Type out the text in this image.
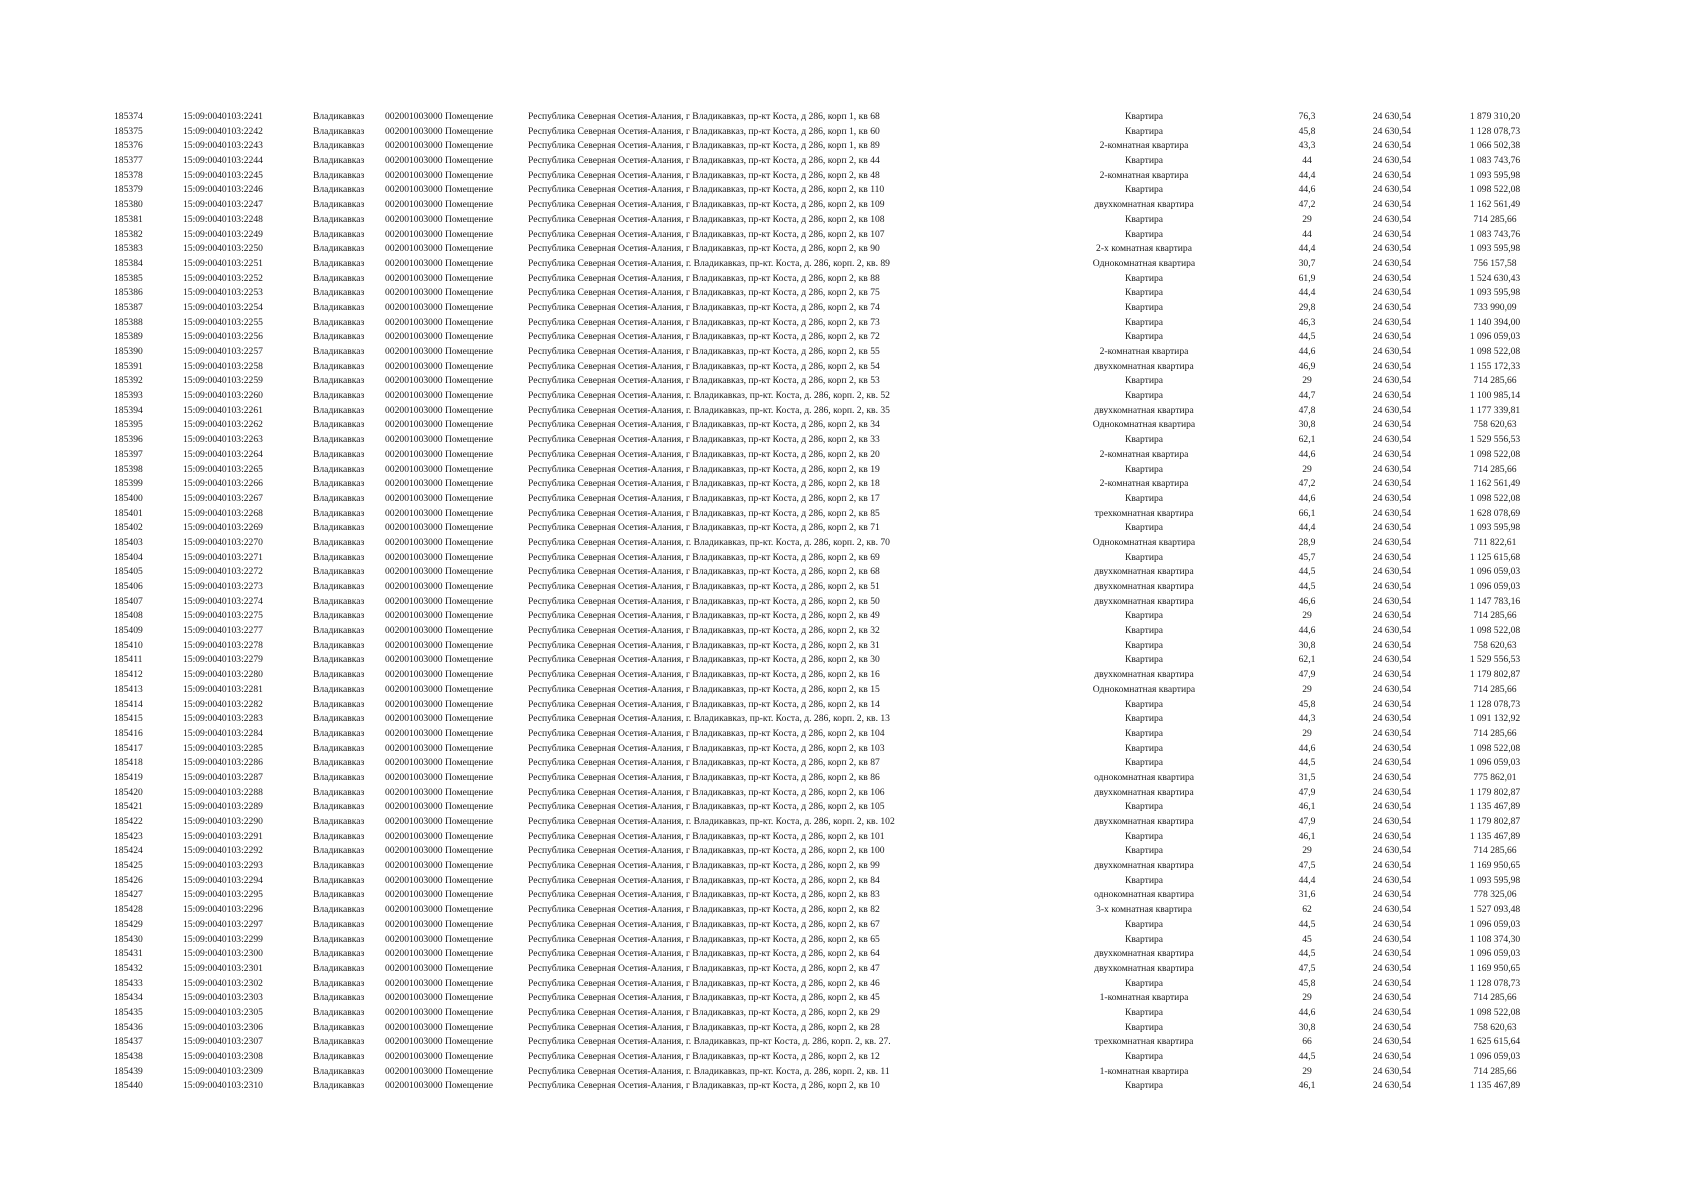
185374	15:09:0040103:2241	Владикавказ 002001003000 Помещение	Республика Северная Осетия-Алания, г Владикавказ, пр-кт Коста, д 286, корп 1, кв 68	Квартира	76,3	24 630,54	1 879 310,20
185375	15:09:0040103:2242	Владикавказ 002001003000 Помещение	Республика Северная Осетия-Алания, г Владикавказ, пр-кт Коста, д 286, корп 1, кв 60	Квартира	45,8	24 630,54	1 128 078,73
185376	15:09:0040103:2243	Владикавказ 002001003000 Помещение	Республика Северная Осетия-Алания, г Владикавказ, пр-кт Коста, д 286, корп 1, кв 89	2-комнатная квартира	43,3	24 630,54	1 066 502,38
185377	15:09:0040103:2244	Владикавказ 002001003000 Помещение	Республика Северная Осетия-Алания, г Владикавказ, пр-кт Коста, д 286, корп 2, кв 44	Квартира	44	24 630,54	1 083 743,76
185378	15:09:0040103:2245	Владикавказ 002001003000 Помещение	Республика Северная Осетия-Алания, г Владикавказ, пр-кт Коста, д 286, корп 2, кв 48	2-комнатная квартира	44,4	24 630,54	1 093 595,98
185379	15:09:0040103:2246	Владикавказ 002001003000 Помещение	Республика Северная Осетия-Алания, г Владикавказ, пр-кт Коста, д 286, корп 2, кв 110	Квартира	44,6	24 630,54	1 098 522,08
185380	15:09:0040103:2247	Владикавказ 002001003000 Помещение	Республика Северная Осетия-Алания, г Владикавказ, пр-кт Коста, д 286, корп 2, кв 109	двухкомнатная квартира	47,2	24 630,54	1 162 561,49
185381	15:09:0040103:2248	Владикавказ 002001003000 Помещение	Республика Северная Осетия-Алания, г Владикавказ, пр-кт Коста, д 286, корп 2, кв 108	Квартира	29	24 630,54	714 285,66
185382	15:09:0040103:2249	Владикавказ 002001003000 Помещение	Республика Северная Осетия-Алания, г Владикавказ, пр-кт Коста, д 286, корп 2, кв 107	Квартира	44	24 630,54	1 083 743,76
185383	15:09:0040103:2250	Владикавказ 002001003000 Помещение	Республика Северная Осетия-Алания, г Владикавказ, пр-кт Коста, д 286, корп 2, кв 90	2-х комнатная квартира	44,4	24 630,54	1 093 595,98
185384	15:09:0040103:2251	Владикавказ 002001003000 Помещение	Республика Северная Осетия-Алания, г. Владикавказ, пр-кт. Коста, д. 286, корп. 2, кв. 89	Однокомнатная квартира	30,7	24 630,54	756 157,58
185385	15:09:0040103:2252	Владикавказ 002001003000 Помещение	Республика Северная Осетия-Алания, г Владикавказ, пр-кт Коста, д 286, корп 2, кв 88	Квартира	61,9	24 630,54	1 524 630,43
185386	15:09:0040103:2253	Владикавказ 002001003000 Помещение	Республика Северная Осетия-Алания, г Владикавказ, пр-кт Коста, д 286, корп 2, кв 75	Квартира	44,4	24 630,54	1 093 595,98
185387	15:09:0040103:2254	Владикавказ 002001003000 Помещение	Республика Северная Осетия-Алания, г Владикавказ, пр-кт Коста, д 286, корп 2, кв 74	Квартира	29,8	24 630,54	733 990,09
185388	15:09:0040103:2255	Владикавказ 002001003000 Помещение	Республика Северная Осетия-Алания, г Владикавказ, пр-кт Коста, д 286, корп 2, кв 73	Квартира	46,3	24 630,54	1 140 394,00
185389	15:09:0040103:2256	Владикавказ 002001003000 Помещение	Республика Северная Осетия-Алания, г Владикавказ, пр-кт Коста, д 286, корп 2, кв 72	Квартира	44,5	24 630,54	1 096 059,03
185390	15:09:0040103:2257	Владикавказ 002001003000 Помещение	Республика Северная Осетия-Алания, г Владикавказ, пр-кт Коста, д 286, корп 2, кв 55	2-комнатная квартира	44,6	24 630,54	1 098 522,08
185391	15:09:0040103:2258	Владикавказ 002001003000 Помещение	Республика Северная Осетия-Алания, г Владикавказ, пр-кт Коста, д 286, корп 2, кв 54	двухкомнатная квартира	46,9	24 630,54	1 155 172,33
185392	15:09:0040103:2259	Владикавказ 002001003000 Помещение	Республика Северная Осетия-Алания, г Владикавказ, пр-кт Коста, д 286, корп 2, кв 53	Квартира	29	24 630,54	714 285,66
185393	15:09:0040103:2260	Владикавказ 002001003000 Помещение	Республика Северная Осетия-Алания, г. Владикавказ, пр-кт. Коста, д. 286, корп. 2, кв. 52	Квартира	44,7	24 630,54	1 100 985,14
185394	15:09:0040103:2261	Владикавказ 002001003000 Помещение	Республика Северная Осетия-Алания, г. Владикавказ, пр-кт. Коста, д. 286, корп. 2, кв. 35	двухкомнатная квартира	47,8	24 630,54	1 177 339,81
185395	15:09:0040103:2262	Владикавказ 002001003000 Помещение	Республика Северная Осетия-Алания, г Владикавказ, пр-кт Коста, д 286, корп 2, кв 34	Однокомнатная квартира	30,8	24 630,54	758 620,63
185396	15:09:0040103:2263	Владикавказ 002001003000 Помещение	Республика Северная Осетия-Алания, г Владикавказ, пр-кт Коста, д 286, корп 2, кв 33	Квартира	62,1	24 630,54	1 529 556,53
185397	15:09:0040103:2264	Владикавказ 002001003000 Помещение	Республика Северная Осетия-Алания, г Владикавказ, пр-кт Коста, д 286, корп 2, кв 20	2-комнатная квартира	44,6	24 630,54	1 098 522,08
185398	15:09:0040103:2265	Владикавказ 002001003000 Помещение	Республика Северная Осетия-Алания, г Владикавказ, пр-кт Коста, д 286, корп 2, кв 19	Квартира	29	24 630,54	714 285,66
185399	15:09:0040103:2266	Владикавказ 002001003000 Помещение	Республика Северная Осетия-Алания, г Владикавказ, пр-кт Коста, д 286, корп 2, кв 18	2-комнатная квартира	47,2	24 630,54	1 162 561,49
185400	15:09:0040103:2267	Владикавказ 002001003000 Помещение	Республика Северная Осетия-Алания, г Владикавказ, пр-кт Коста, д 286, корп 2, кв 17	Квартира	44,6	24 630,54	1 098 522,08
185401	15:09:0040103:2268	Владикавказ 002001003000 Помещение	Республика Северная Осетия-Алания, г Владикавказ, пр-кт Коста, д 286, корп 2, кв 85	трехкомнатная квартира	66,1	24 630,54	1 628 078,69
185402	15:09:0040103:2269	Владикавказ 002001003000 Помещение	Республика Северная Осетия-Алания, г Владикавказ, пр-кт Коста, д 286, корп 2, кв 71	Квартира	44,4	24 630,54	1 093 595,98
185403	15:09:0040103:2270	Владикавказ 002001003000 Помещение	Республика Северная Осетия-Алания, г. Владикавказ, пр-кт. Коста, д. 286, корп. 2, кв. 70	Однокомнатная квартира	28,9	24 630,54	711 822,61
185404	15:09:0040103:2271	Владикавказ 002001003000 Помещение	Республика Северная Осетия-Алания, г Владикавказ, пр-кт Коста, д 286, корп 2, кв 69	Квартира	45,7	24 630,54	1 125 615,68
185405	15:09:0040103:2272	Владикавказ 002001003000 Помещение	Республика Северная Осетия-Алания, г Владикавказ, пр-кт Коста, д 286, корп 2, кв 68	двухкомнатная квартира	44,5	24 630,54	1 096 059,03
185406	15:09:0040103:2273	Владикавказ 002001003000 Помещение	Республика Северная Осетия-Алания, г Владикавказ, пр-кт Коста, д 286, корп 2, кв 51	двухкомнатная квартира	44,5	24 630,54	1 096 059,03
185407	15:09:0040103:2274	Владикавказ 002001003000 Помещение	Республика Северная Осетия-Алания, г Владикавказ, пр-кт Коста, д 286, корп 2, кв 50	двухкомнатная квартира	46,6	24 630,54	1 147 783,16
185408	15:09:0040103:2275	Владикавказ 002001003000 Помещение	Республика Северная Осетия-Алания, г Владикавказ, пр-кт Коста, д 286, корп 2, кв 49	Квартира	29	24 630,54	714 285,66
185409	15:09:0040103:2277	Владикавказ 002001003000 Помещение	Республика Северная Осетия-Алания, г Владикавказ, пр-кт Коста, д 286, корп 2, кв 32	Квартира	44,6	24 630,54	1 098 522,08
185410	15:09:0040103:2278	Владикавказ 002001003000 Помещение	Республика Северная Осетия-Алания, г Владикавказ, пр-кт Коста, д 286, корп 2, кв 31	Квартира	30,8	24 630,54	758 620,63
185411	15:09:0040103:2279	Владикавказ 002001003000 Помещение	Республика Северная Осетия-Алания, г Владикавказ, пр-кт Коста, д 286, корп 2, кв 30	Квартира	62,1	24 630,54	1 529 556,53
185412	15:09:0040103:2280	Владикавказ 002001003000 Помещение	Республика Северная Осетия-Алания, г Владикавказ, пр-кт Коста, д 286, корп 2, кв 16	двухкомнатная квартира	47,9	24 630,54	1 179 802,87
185413	15:09:0040103:2281	Владикавказ 002001003000 Помещение	Республика Северная Осетия-Алания, г Владикавказ, пр-кт Коста, д 286, корп 2, кв 15	Однокомнатная квартира	29	24 630,54	714 285,66
185414	15:09:0040103:2282	Владикавказ 002001003000 Помещение	Республика Северная Осетия-Алания, г Владикавказ, пр-кт Коста, д 286, корп 2, кв 14	Квартира	45,8	24 630,54	1 128 078,73
185415	15:09:0040103:2283	Владикавказ 002001003000 Помещение	Республика Северная Осетия-Алания, г. Владикавказ, пр-кт. Коста, д. 286, корп. 2, кв. 13	Квартира	44,3	24 630,54	1 091 132,92
185416	15:09:0040103:2284	Владикавказ 002001003000 Помещение	Республика Северная Осетия-Алания, г Владикавказ, пр-кт Коста, д 286, корп 2, кв 104	Квартира	29	24 630,54	714 285,66
185417	15:09:0040103:2285	Владикавказ 002001003000 Помещение	Республика Северная Осетия-Алания, г Владикавказ, пр-кт Коста, д 286, корп 2, кв 103	Квартира	44,6	24 630,54	1 098 522,08
185418	15:09:0040103:2286	Владикавказ 002001003000 Помещение	Республика Северная Осетия-Алания, г Владикавказ, пр-кт Коста, д 286, корп 2, кв 87	Квартира	44,5	24 630,54	1 096 059,03
185419	15:09:0040103:2287	Владикавказ 002001003000 Помещение	Республика Северная Осетия-Алания, г Владикавказ, пр-кт Коста, д 286, корп 2, кв 86	однокомнатная квартира	31,5	24 630,54	775 862,01
185420	15:09:0040103:2288	Владикавказ 002001003000 Помещение	Республика Северная Осетия-Алания, г Владикавказ, пр-кт Коста, д 286, корп 2, кв 106	двухкомнатная квартира	47,9	24 630,54	1 179 802,87
185421	15:09:0040103:2289	Владикавказ 002001003000 Помещение	Республика Северная Осетия-Алания, г Владикавказ, пр-кт Коста, д 286, корп 2, кв 105	Квартира	46,1	24 630,54	1 135 467,89
185422	15:09:0040103:2290	Владикавказ 002001003000 Помещение	Республика Северная Осетия-Алания, г. Владикавказ, пр-кт. Коста, д. 286, корп. 2, кв. 102	двухкомнатная квартира	47,9	24 630,54	1 179 802,87
185423	15:09:0040103:2291	Владикавказ 002001003000 Помещение	Республика Северная Осетия-Алания, г Владикавказ, пр-кт Коста, д 286, корп 2, кв 101	Квартира	46,1	24 630,54	1 135 467,89
185424	15:09:0040103:2292	Владикавказ 002001003000 Помещение	Республика Северная Осетия-Алания, г Владикавказ, пр-кт Коста, д 286, корп 2, кв 100	Квартира	29	24 630,54	714 285,66
185425	15:09:0040103:2293	Владикавказ 002001003000 Помещение	Республика Северная Осетия-Алания, г Владикавказ, пр-кт Коста, д 286, корп 2, кв 99	двухкомнатная квартира	47,5	24 630,54	1 169 950,65
185426	15:09:0040103:2294	Владикавказ 002001003000 Помещение	Республика Северная Осетия-Алания, г Владикавказ, пр-кт Коста, д 286, корп 2, кв 84	Квартира	44,4	24 630,54	1 093 595,98
185427	15:09:0040103:2295	Владикавказ 002001003000 Помещение	Республика Северная Осетия-Алания, г Владикавказ, пр-кт Коста, д 286, корп 2, кв 83	однокомнатная квартира	31,6	24 630,54	778 325,06
185428	15:09:0040103:2296	Владикавказ 002001003000 Помещение	Республика Северная Осетия-Алания, г Владикавказ, пр-кт Коста, д 286, корп 2, кв 82	3-х комнатная квартира	62	24 630,54	1 527 093,48
185429	15:09:0040103:2297	Владикавказ 002001003000 Помещение	Республика Северная Осетия-Алания, г Владикавказ, пр-кт Коста, д 286, корп 2, кв 67	Квартира	44,5	24 630,54	1 096 059,03
185430	15:09:0040103:2299	Владикавказ 002001003000 Помещение	Республика Северная Осетия-Алания, г Владикавказ, пр-кт Коста, д 286, корп 2, кв 65	Квартира	45	24 630,54	1 108 374,30
185431	15:09:0040103:2300	Владикавказ 002001003000 Помещение	Республика Северная Осетия-Алания, г Владикавказ, пр-кт Коста, д 286, корп 2, кв 64	двухкомнатная квартира	44,5	24 630,54	1 096 059,03
185432	15:09:0040103:2301	Владикавказ 002001003000 Помещение	Республика Северная Осетия-Алания, г Владикавказ, пр-кт Коста, д 286, корп 2, кв 47	двухкомнатная квартира	47,5	24 630,54	1 169 950,65
185433	15:09:0040103:2302	Владикавказ 002001003000 Помещение	Республика Северная Осетия-Алания, г Владикавказ, пр-кт Коста, д 286, корп 2, кв 46	Квартира	45,8	24 630,54	1 128 078,73
185434	15:09:0040103:2303	Владикавказ 002001003000 Помещение	Республика Северная Осетия-Алания, г Владикавказ, пр-кт Коста, д 286, корп 2, кв 45	1-комнатная квартира	29	24 630,54	714 285,66
185435	15:09:0040103:2305	Владикавказ 002001003000 Помещение	Республика Северная Осетия-Алания, г Владикавказ, пр-кт Коста, д 286, корп 2, кв 29	Квартира	44,6	24 630,54	1 098 522,08
185436	15:09:0040103:2306	Владикавказ 002001003000 Помещение	Республика Северная Осетия-Алания, г Владикавказ, пр-кт Коста, д 286, корп 2, кв 28	Квартира	30,8	24 630,54	758 620,63
185437	15:09:0040103:2307	Владикавказ 002001003000 Помещение	Республика Северная Осетия-Алания, г. Владикавказ, пр-кт Коста, д. 286, корп. 2, кв. 27.	трехкомнатная квартира	66	24 630,54	1 625 615,64
185438	15:09:0040103:2308	Владикавказ 002001003000 Помещение	Республика Северная Осетия-Алания, г Владикавказ, пр-кт Коста, д 286, корп 2, кв 12	Квартира	44,5	24 630,54	1 096 059,03
185439	15:09:0040103:2309	Владикавказ 002001003000 Помещение	Республика Северная Осетия-Алания, г. Владикавказ, пр-кт. Коста, д. 286, корп. 2, кв. 11	1-комнатная квартира	29	24 630,54	714 285,66
185440	15:09:0040103:2310	Владикавказ 002001003000 Помещение	Республика Северная Осетия-Алания, г Владикавказ, пр-кт Коста, д 286, корп 2, кв 10	Квартира	46,1	24 630,54	1 135 467,89
